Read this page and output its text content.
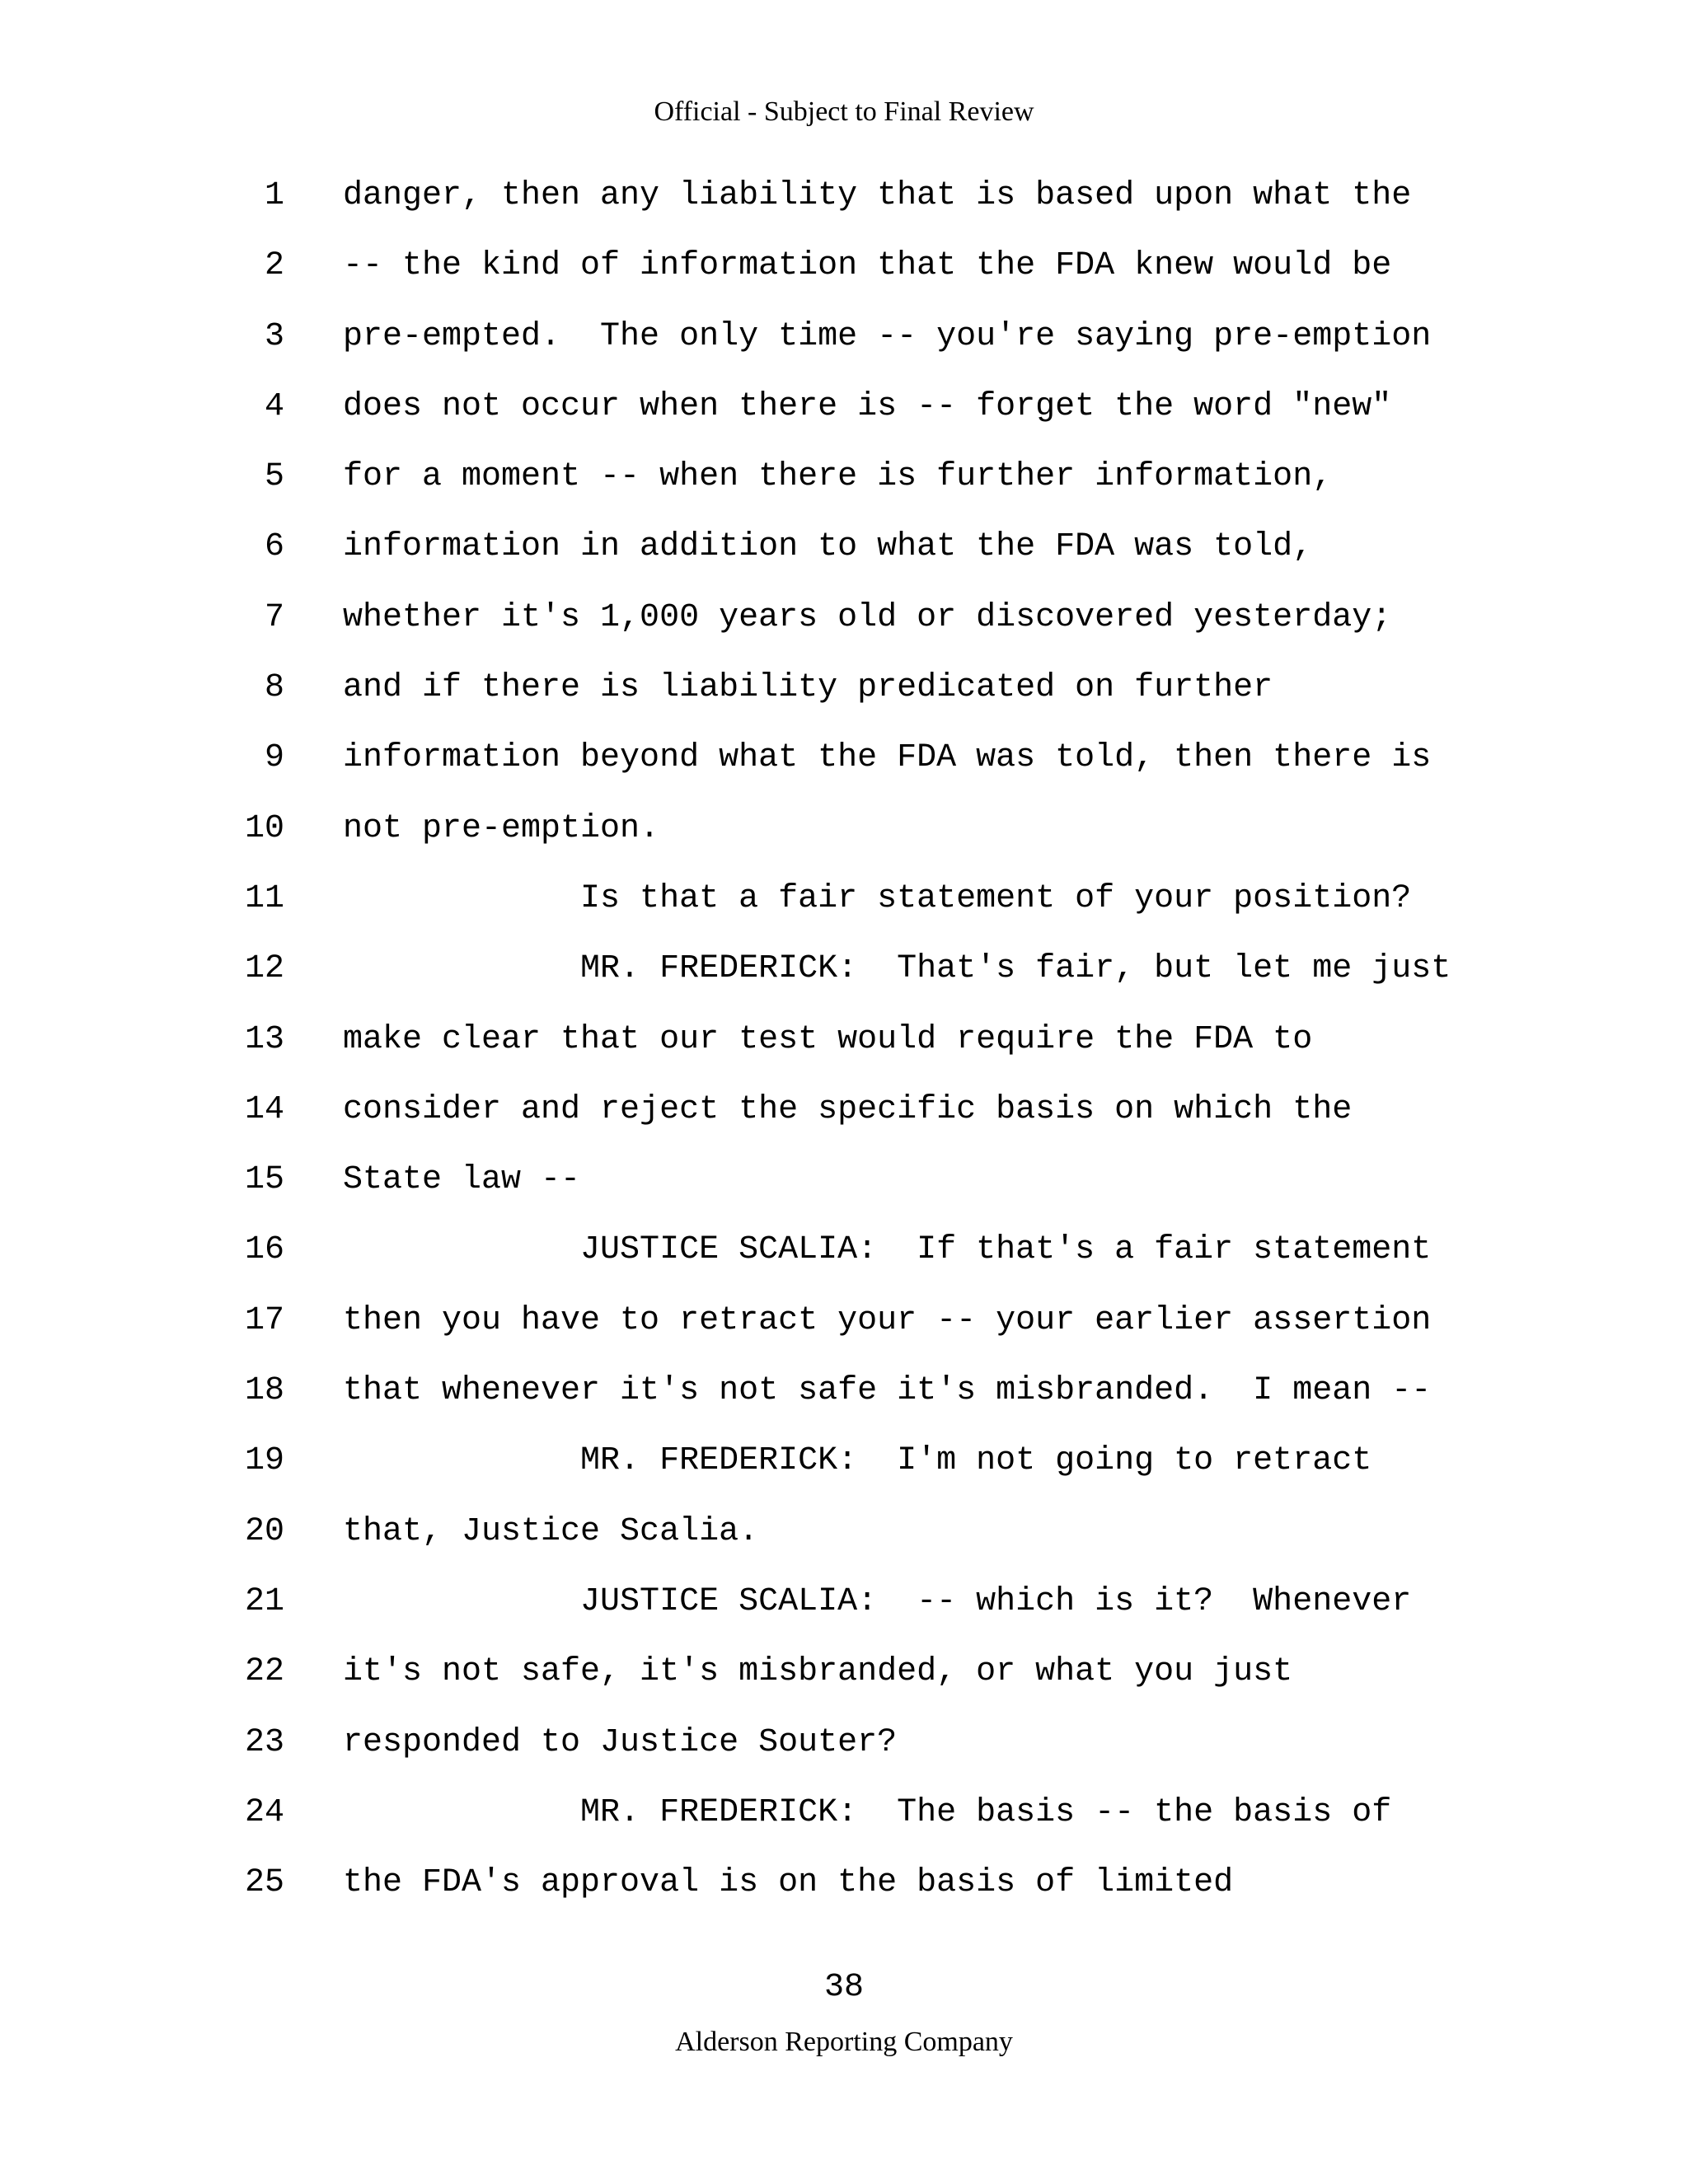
Official - Subject to Final Review
1 danger, then any liability that is based upon what the
2 -- the kind of information that the FDA knew would be
3 pre-empted.  The only time -- you're saying pre-emption
4 does not occur when there is -- forget the word "new"
5 for a moment -- when there is further information,
6 information in addition to what the FDA was told,
7 whether it's 1,000 years old or discovered yesterday;
8 and if there is liability predicated on further
9 information beyond what the FDA was told, then there is
10 not pre-emption.
11 Is that a fair statement of your position?
12 MR. FREDERICK:  That's fair, but let me just
13 make clear that our test would require the FDA to
14 consider and reject the specific basis on which the
15 State law --
16 JUSTICE SCALIA:  If that's a fair statement
17 then you have to retract your -- your earlier assertion
18 that whenever it's not safe it's misbranded.  I mean --
19 MR. FREDERICK:  I'm not going to retract
20 that, Justice Scalia.
21 JUSTICE SCALIA:  -- which is it?  Whenever
22 it's not safe, it's misbranded, or what you just
23 responded to Justice Souter?
24 MR. FREDERICK:  The basis -- the basis of
25 the FDA's approval is on the basis of limited
38
Alderson Reporting Company
